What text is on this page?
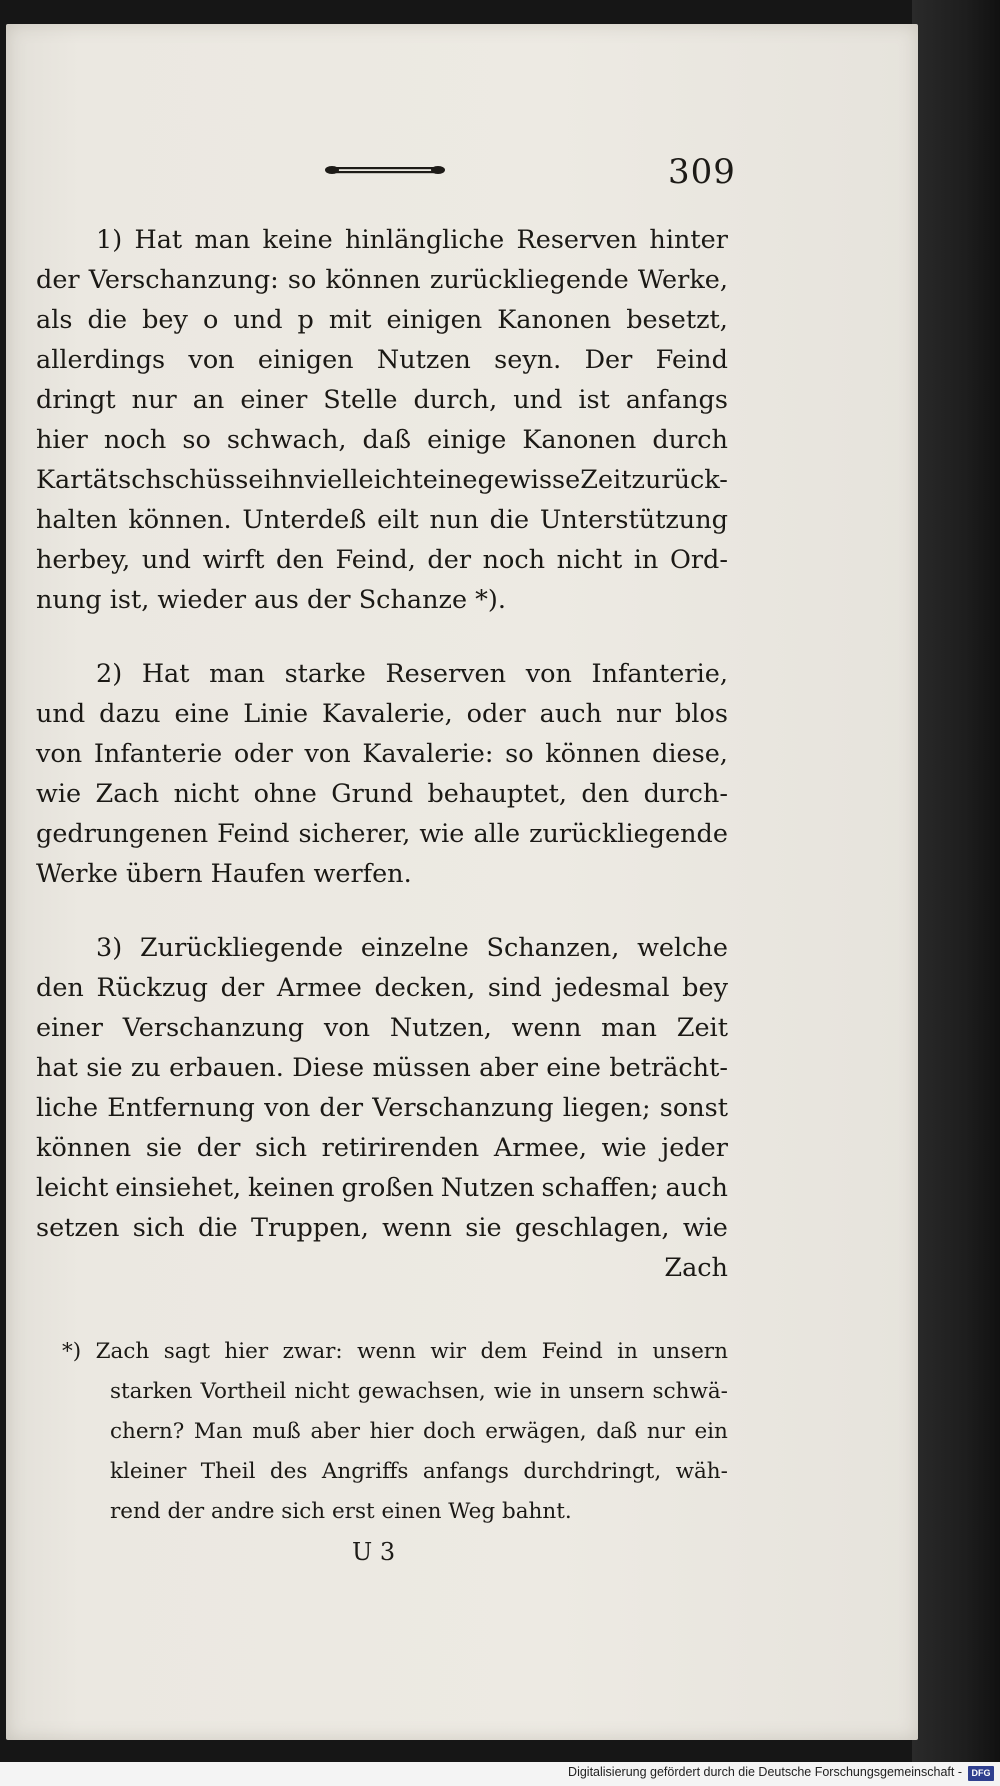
309
1) Hat man keine hinlängliche Reserven hinter
der Verschanzung: so können zurückliegende Werke,
als die bey o und p mit einigen Kanonen besetzt,
allerdings von einigen Nutzen seyn. Der Feind
dringt nur an einer Stelle durch, und ist anfangs
hier noch so schwach, daß einige Kanonen durch
Kartätschschüsse ihn vielleicht eine gewisse Zeit zurück-
halten können. Unterdeß eilt nun die Unterstützung
herbey, und wirft den Feind, der noch nicht in Ord-
nung ist, wieder aus der Schanze *).
2) Hat man starke Reserven von Infanterie,
und dazu eine Linie Kavalerie, oder auch nur blos
von Infanterie oder von Kavalerie: so können diese,
wie Zach nicht ohne Grund behauptet, den durch-
gedrungenen Feind sicherer, wie alle zurückliegende
Werke übern Haufen werfen.
3) Zurückliegende einzelne Schanzen, welche
den Rückzug der Armee decken, sind jedesmal bey
einer Verschanzung von Nutzen, wenn man Zeit
hat sie zu erbauen. Diese müssen aber eine beträcht-
liche Entfernung von der Verschanzung liegen; sonst
können sie der sich retirirenden Armee, wie jeder
leicht einsiehet, keinen großen Nutzen schaffen; auch
setzen sich die Truppen, wenn sie geschlagen, wie
Zach
*) Zach sagt hier zwar: wenn wir dem Feind in unsern
starken Vortheil nicht gewachsen, wie in unsern schwä-
chern? Man muß aber hier doch erwägen, daß nur ein
kleiner Theil des Angriffs anfangs durchdringt, wäh-
rend der andre sich erst einen Weg bahnt.
U 3
Digitalisierung gefördert durch die Deutsche Forschungsgemeinschaft -	DFG
